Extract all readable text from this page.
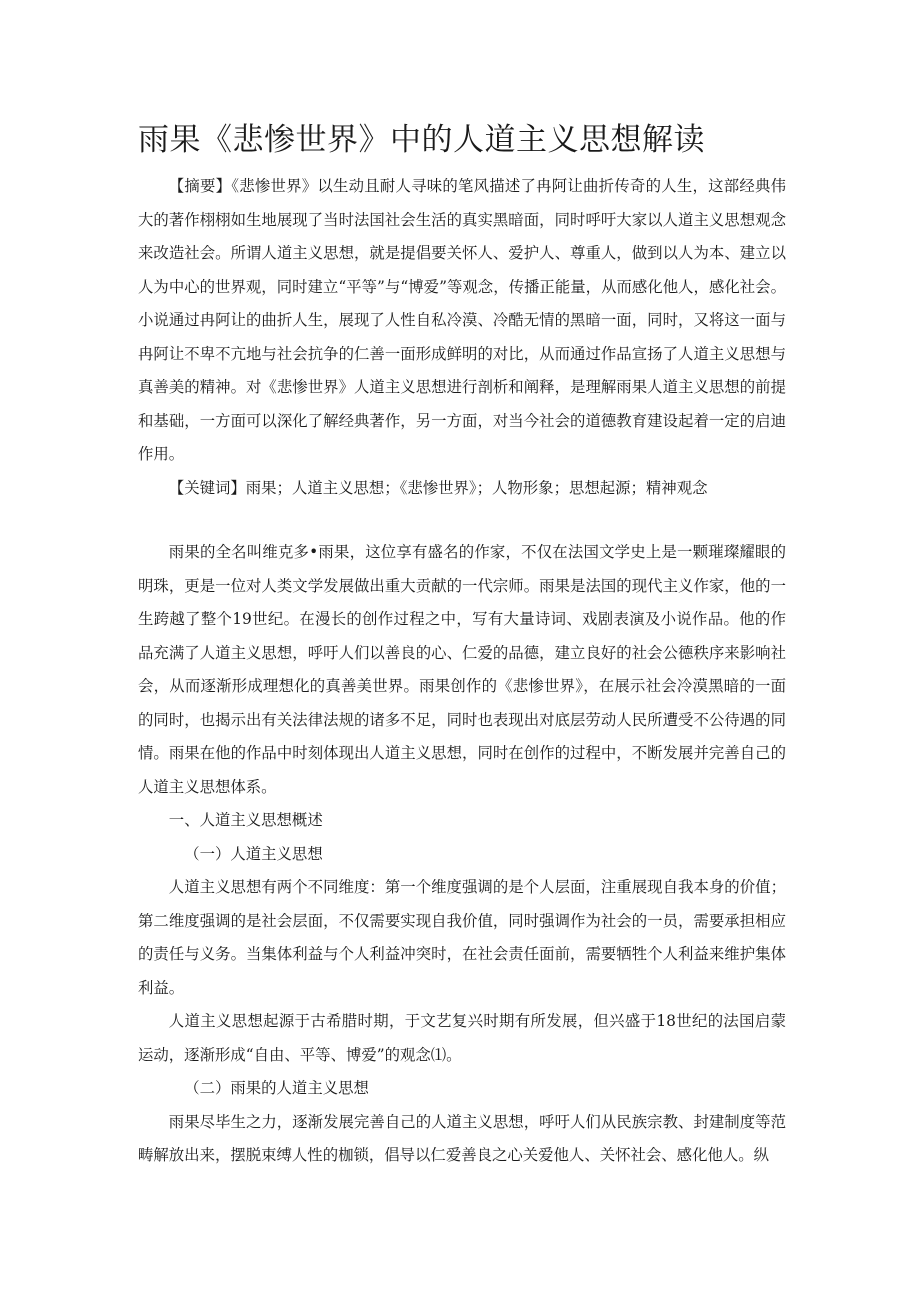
雨果《悲惨世界》中的人道主义思想解读

【摘要】《悲惨世界》以生动且耐人寻味的笔风描述了冉阿让曲折传奇的人生，这部经典伟大的著作栩栩如生地展现了当时法国社会生活的真实黑暗面，同时呼吁大家以人道主义思想观念来改造社会。所谓人道主义思想，就是提倡要关怀人、爱护人、尊重人，做到以人为本、建立以人为中心的世界观，同时建立“平等”与“博爱”等观念，传播正能量，从而感化他人，感化社会。小说通过冉阿让的曲折人生，展现了人性自私冷漠、冷酷无情的黑暗一面，同时，又将这一面与冉阿让不卑不亢地与社会抗争的仁善一面形成鲜明的对比，从而通过作品宣扬了人道主义思想与真善美的精神。对《悲惨世界》人道主义思想进行剖析和阐释，是理解雨果人道主义思想的前提和基础，一方面可以深化了解经典著作，另一方面，对当今社会的道德教育建设起着一定的启迪作用。

【关键词】雨果；人道主义思想；《悲惨世界》；人物形象；思想起源；精神观念

雨果的全名叫维克多•雨果，这位享有盛名的作家，不仅在法国文学史上是一颗璀璨耀眼的明珠，更是一位对人类文学发展做出重大贡献的一代宗师。雨果是法国的现代主义作家，他的一生跨越了整个19世纪。在漫长的创作过程之中，写有大量诗词、戏剧表演及小说作品。他的作品充满了人道主义思想，呼吁人们以善良的心、仁爱的品德，建立良好的社会公德秩序来影响社会，从而逐渐形成理想化的真善美世界。雨果创作的《悲惨世界》，在展示社会冷漠黑暗的一面的同时，也揭示出有关法律法规的诸多不足，同时也表现出对底层劳动人民所遭受不公待遇的同情。雨果在他的作品中时刻体现出人道主义思想，同时在创作的过程中，不断发展并完善自己的人道主义思想体系。

一、人道主义思想概述

（一）人道主义思想

人道主义思想有两个不同维度：第一个维度强调的是个人层面，注重展现自我本身的价值；第二维度强调的是社会层面，不仅需要实现自我价值，同时强调作为社会的一员，需要承担相应的责任与义务。当集体利益与个人利益冲突时，在社会责任面前，需要牺牲个人利益来维护集体利益。

人道主义思想起源于古希腊时期，于文艺复兴时期有所发展，但兴盛于18世纪的法国启蒙运动，逐渐形成“自由、平等、博爱”的观念⑴。

（二）雨果的人道主义思想

雨果尽毕生之力，逐渐发展完善自己的人道主义思想，呼吁人们从民族宗教、封建制度等范畴解放出来，摆脱束缚人性的枷锁，倡导以仁爱善良之心关爱他人、关怀社会、感化他人。纵
